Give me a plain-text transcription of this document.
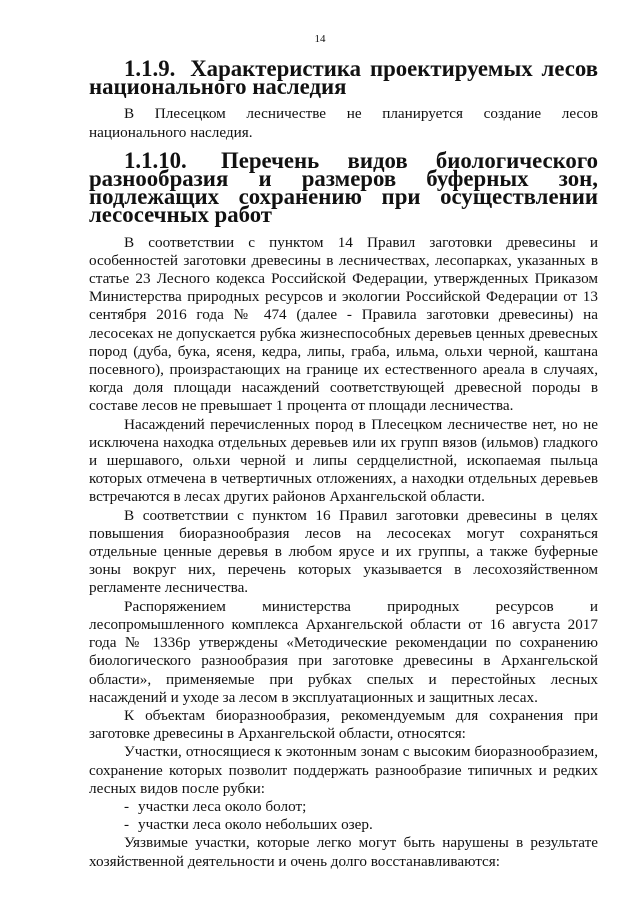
14
1.1.9. Характеристика проектируемых лесов национального наследия

В Плесецком лесничестве не планируется создание лесов национального наследия.

1.1.10. Перечень видов биологического разнообразия и размеров буферных зон, подлежащих сохранению при осуществлении лесосечных работ

В соответствии с пунктом 14 Правил заготовки древесины и особенностей заготовки древесины в лесничествах, лесопарках, указанных в статье 23 Лесного кодекса Российской Федерации, утвержденных Приказом Министерства природных ресурсов и экологии Российской Федерации от 13 сентября 2016 года № 474 (далее - Правила заготовки древесины) на лесосеках не допускается рубка жизнеспособных деревьев ценных древесных пород (дуба, бука, ясеня, кедра, липы, граба, ильма, ольхи черной, каштана посевного), произрастающих на границе их естественного ареала в случаях, когда доля площади насаждений соответствующей древесной породы в составе лесов не превышает 1 процента от площади лесничества.

Насаждений перечисленных пород в Плесецком лесничестве нет, но не исключена находка отдельных деревьев или их групп вязов (ильмов) гладкого и шершавого, ольхи черной и липы сердцелистной, ископаемая пыльца которых отмечена в четвертичных отложениях, а находки отдельных деревьев встречаются в лесах других районов Архангельской области.

В соответствии с пунктом 16 Правил заготовки древесины в целях повышения биоразнообразия лесов на лесосеках могут сохраняться отдельные ценные деревья в любом ярусе и их группы, а также буферные зоны вокруг них, перечень которых указывается в лесохозяйственном регламенте лесничества.

Распоряжением министерства природных ресурсов и лесопромышленного комплекса Архангельской области от 16 августа 2017 года № 1336р утверждены «Методические рекомендации по сохранению биологического разнообразия при заготовке древесины в Архангельской области», применяемые при рубках спелых и перестойных лесных насаждений и уходе за лесом в эксплуатационных и защитных лесах.

К объектам биоразнообразия, рекомендуемым для сохранения при заготовке древесины в Архангельской области, относятся:

Участки, относящиеся к экотонным зонам с высоким биоразнообразием, сохранение которых позволит поддержать разнообразие типичных и редких лесных видов после рубки:

- участки леса около болот;
- участки леса около небольших озер.

Уязвимые участки, которые легко могут быть нарушены в результате хозяйственной деятельности и очень долго восстанавливаются:
